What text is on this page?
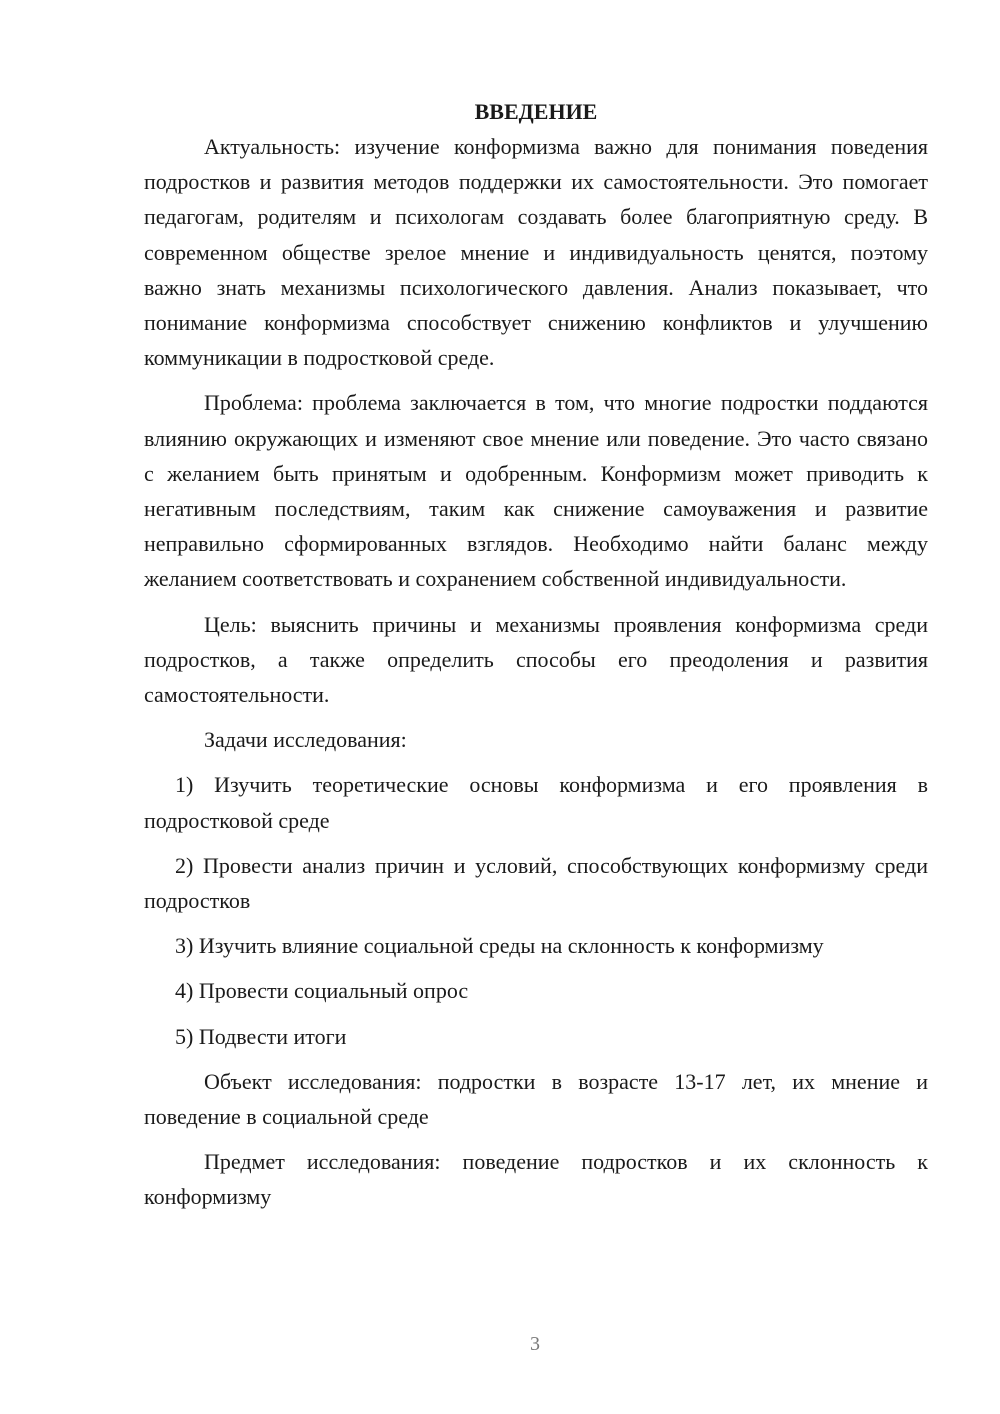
ВВЕДЕНИЕ

Актуальность: изучение конформизма важно для понимания поведения подростков и развития методов поддержки их самостоятельности. Это помогает педагогам, родителям и психологам создавать более благоприятную среду. В современном обществе зрелое мнение и индивидуальность ценятся, поэтому важно знать механизмы психологического давления. Анализ показывает, что понимание конформизма способствует снижению конфликтов и улучшению коммуникации в подростковой среде.

Проблема: проблема заключается в том, что многие подростки поддаются влиянию окружающих и изменяют свое мнение или поведение. Это часто связано с желанием быть принятым и одобренным. Конформизм может приводить к негативным последствиям, таким как снижение самоуважения и развитие неправильно сформированных взглядов. Необходимо найти баланс между желанием соответствовать и сохранением собственной индивидуальности.

Цель: выяснить причины и механизмы проявления конформизма среди подростков, а также определить способы его преодоления и развития самостоятельности.

Задачи исследования:

1) Изучить теоретические основы конформизма и его проявления в подростковой среде

2) Провести анализ причин и условий, способствующих конформизму среди подростков

3) Изучить влияние социальной среды на склонность к конформизму

4) Провести социальный опрос

5) Подвести итоги

Объект исследования: подростки в возрасте 13-17 лет, их мнение и поведение в социальной среде

Предмет исследования: поведение подростков и их склонность к конформизму

3
